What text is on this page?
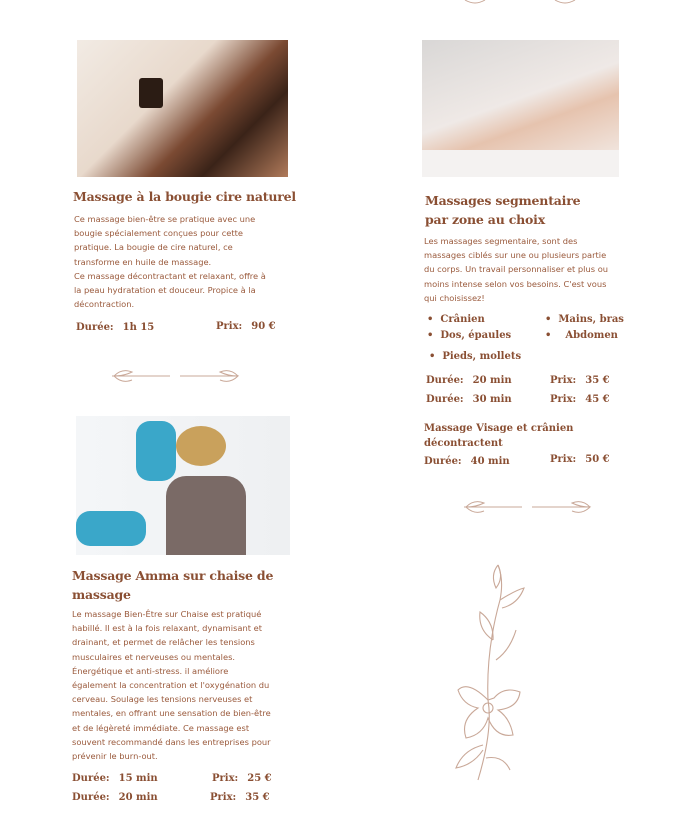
Massage à la bougie cire naturel
Ce massage bien-être se pratique avec une
bougie spécialement conçues pour cette
pratique. La bougie de cire naturel, ce
transforme en huile de massage.
Ce massage décontractant et relaxant, offre à
la peau hydratation et douceur. Propice à la
décontraction.
Durée: 1h 15	Prix: 90 €
Massage Amma sur chaise de
massage
Le massage Bien-Être sur Chaise est pratiqué
habillé. Il est à la fois relaxant, dynamisant et
drainant, et permet de relâcher les tensions
musculaires et nerveuses ou mentales.
Énergétique et anti-stress. il améliore
également la concentration et l'oxygénation du
cerveau. Soulage les tensions nerveuses et
mentales, en offrant une sensation de bien-être
et de légèreté immédiate. Ce massage est
souvent recommandé dans les entreprises pour
prévenir le burn-out.
Durée: 15 min	Prix: 25 €
Durée: 20 min	Prix: 35 €
Massages segmentaire
par zone au choix
Les massages segmentaire, sont des
massages ciblés sur une ou plusieurs partie
du corps. Un travail personnaliser et plus ou
moins intense selon vos besoins. C'est vous
qui choisissez!
•  Crânien
•  Dos, épaules
•  Pieds, mollets
•  Mains, bras
•    Abdomen
Durée: 20 min	Prix: 35 €
Durée: 30 min	Prix: 45 €
Massage Visage et crânien
décontractent
Durée: 40 min	Prix: 50 €
